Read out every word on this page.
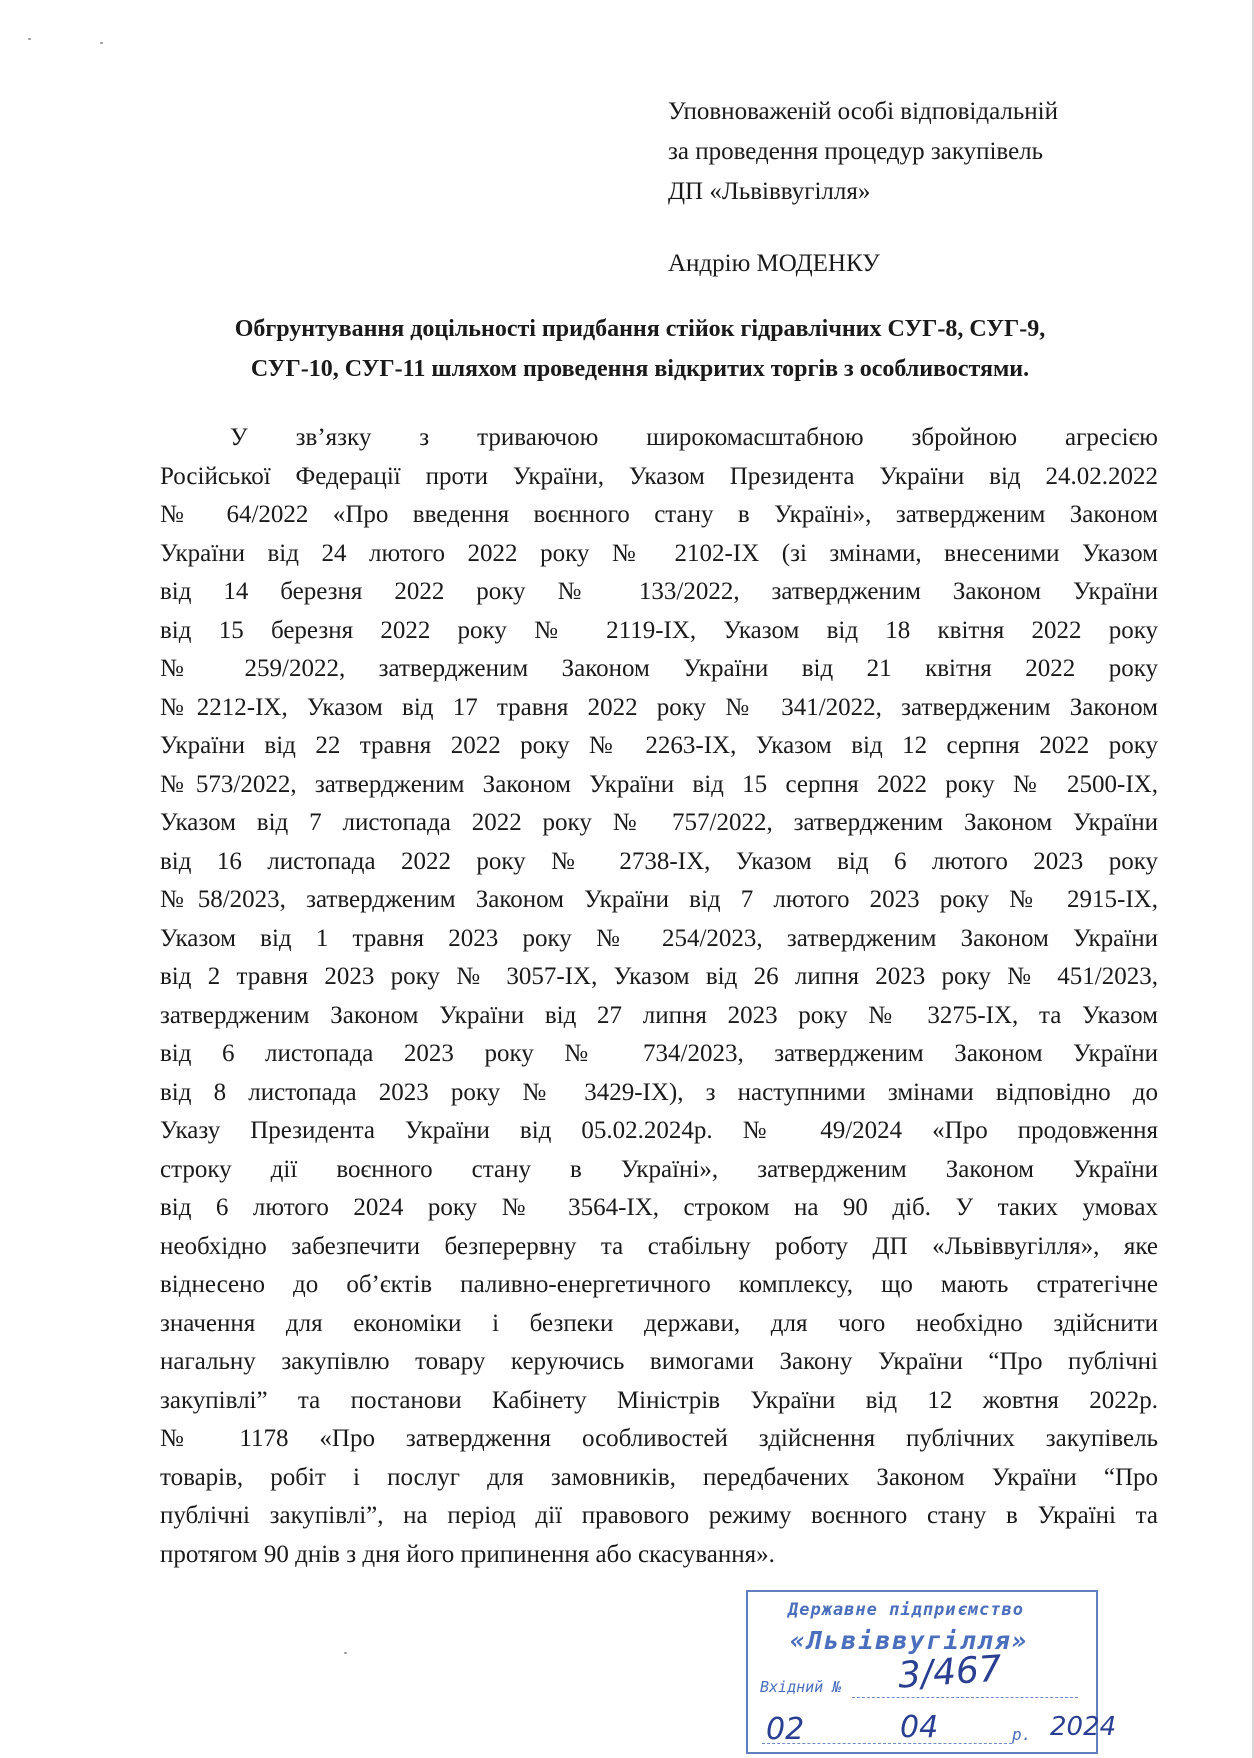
Уповноваженій особі відповідальній
за проведення процедур закупівель
ДП «Львіввугілля»
Андрію МОДЕНКУ
Обгрунтування доцільності придбання стійок гідравлічних СУГ-8, СУГ-9,
СУГ-10, СУГ-11 шляхом проведення відкритих торгів з особливостями.
У зв’язку з триваючою широкомасштабною збройною агресією
Російської Федерації проти України, Указом Президента України від 24.02.2022
№ 64/2022 «Про введення воєнного стану в Україні», затвердженим Законом
України від 24 лютого 2022 року № 2102-IX (зі змінами, внесеними Указом
від 14 березня 2022 року № 133/2022, затвердженим Законом України
від 15 березня 2022 року № 2119-IX, Указом від 18 квітня 2022 року
№ 259/2022, затвердженим Законом України від 21 квітня 2022 року
№2212-IX, Указом від 17 травня 2022 року № 341/2022, затвердженим Законом
України від 22 травня 2022 року № 2263-IX, Указом від 12 серпня 2022 року
№573/2022, затвердженим Законом України від 15 серпня 2022 року № 2500-IX,
Указом від 7 листопада 2022 року № 757/2022, затвердженим Законом України
від 16 листопада 2022 року № 2738-IX, Указом від 6 лютого 2023 року
№58/2023, затвердженим Законом України від 7 лютого 2023 року № 2915-IX,
Указом від 1 травня 2023 року № 254/2023, затвердженим Законом України
від 2 травня 2023 року № 3057-IX, Указом від 26 липня 2023 року № 451/2023,
затвердженим Законом України від 27 липня 2023 року № 3275-IX, та Указом
від 6 листопада 2023 року № 734/2023, затвердженим Законом України
від 8 листопада 2023 року № 3429-IX), з наступними змінами відповідно до
Указу Президента України від 05.02.2024р. № 49/2024 «Про продовження
строку дії воєнного стану в Україні», затвердженим Законом України
від 6 лютого 2024 року № 3564-IX, строком на 90 діб. У таких умовах
необхідно забезпечити безперервну та стабільну роботу ДП «Львіввугілля», яке
віднесено до об’єктів паливно-енергетичного комплексу, що мають стратегічне
значення для економіки і безпеки держави, для чого необхідно здійснити
нагальну закупівлю товару керуючись вимогами Закону України “Про публічні
закупівлі” та постанови Кабінету Міністрів України від 12 жовтня 2022р.
№ 1178 «Про затвердження особливостей здійснення публічних закупівель
товарів, робіт і послуг для замовників, передбачених Законом України “Про
публічні закупівлі”, на період дії правового режиму воєнного стану в Україні та
протягом 90 днів з дня його припинення або скасування».
Державне підприємство
«Львіввугілля»
Вхідний №
р.
3/467
02	04	2024
